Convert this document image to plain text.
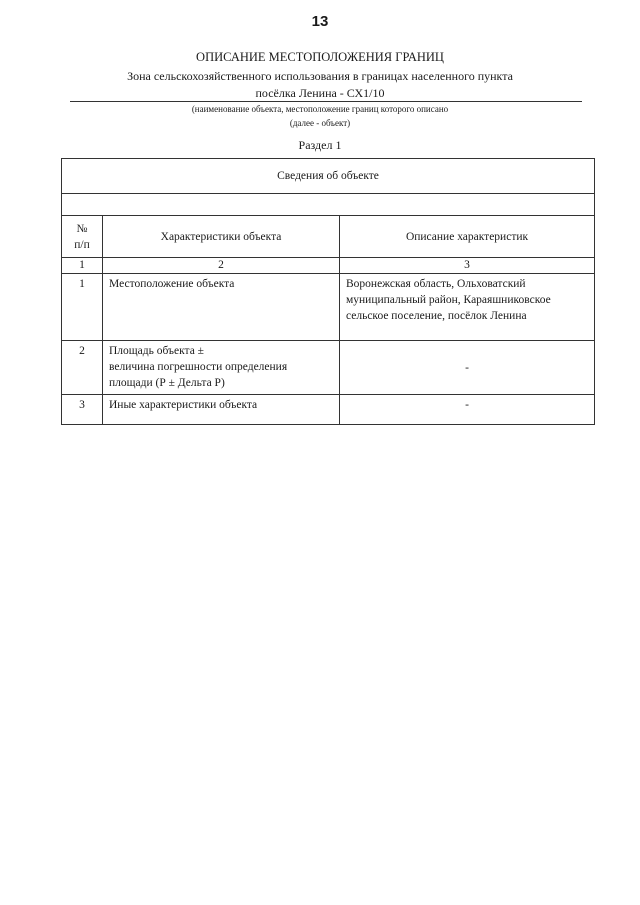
13
ОПИСАНИЕ МЕСТОПОЛОЖЕНИЯ ГРАНИЦ
Зона сельскохозяйственного использования в границах населенного пункта
посёлка Ленина - СХ1/10
(наименование объекта, местоположение границ которого описано
(далее - объект)
Раздел 1
Сведения об объекте		

№
п/п	Характеристики объекта	Описание характеристик
1	2	3
1	Местоположение объекта	Воронежская область, Ольховатский муниципальный район, Караяшниковское сельское поселение, посёлок Ленина
2	Площадь объекта ±
величина погрешности определения площади (Р ± Дельта Р)	-
3	Иные характеристики объекта	-
